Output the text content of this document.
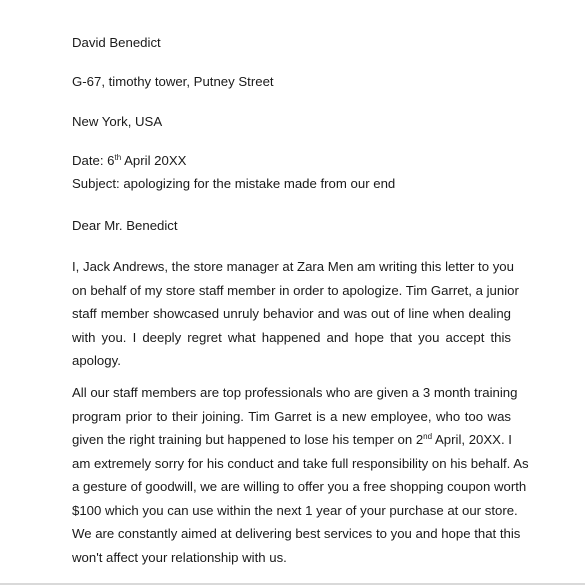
David Benedict

G-67, timothy tower, Putney Street

New York, USA

Date: 6th April 20XX

Subject: apologizing for the mistake made from our end

Dear Mr. Benedict

I, Jack Andrews, the store manager at Zara Men am writing this letter to you
on behalf of my store staff member in order to apologize. Tim Garret, a junior
staff member showcased unruly behavior and was out of line when dealing
with you. I deeply regret what happened and hope that you accept this
apology.
All our staff members are top professionals who are given a 3 month training
program prior to their joining. Tim Garret is a new employee, who too was
given the right training but happened to lose his temper on 2nd April, 20XX. I
am extremely sorry for his conduct and take full responsibility on his behalf. As
a gesture of goodwill, we are willing to offer you a free shopping coupon worth
$100 which you can use within the next 1 year of your purchase at our store.
We are constantly aimed at delivering best services to you and hope that this
won't affect your relationship with us.
